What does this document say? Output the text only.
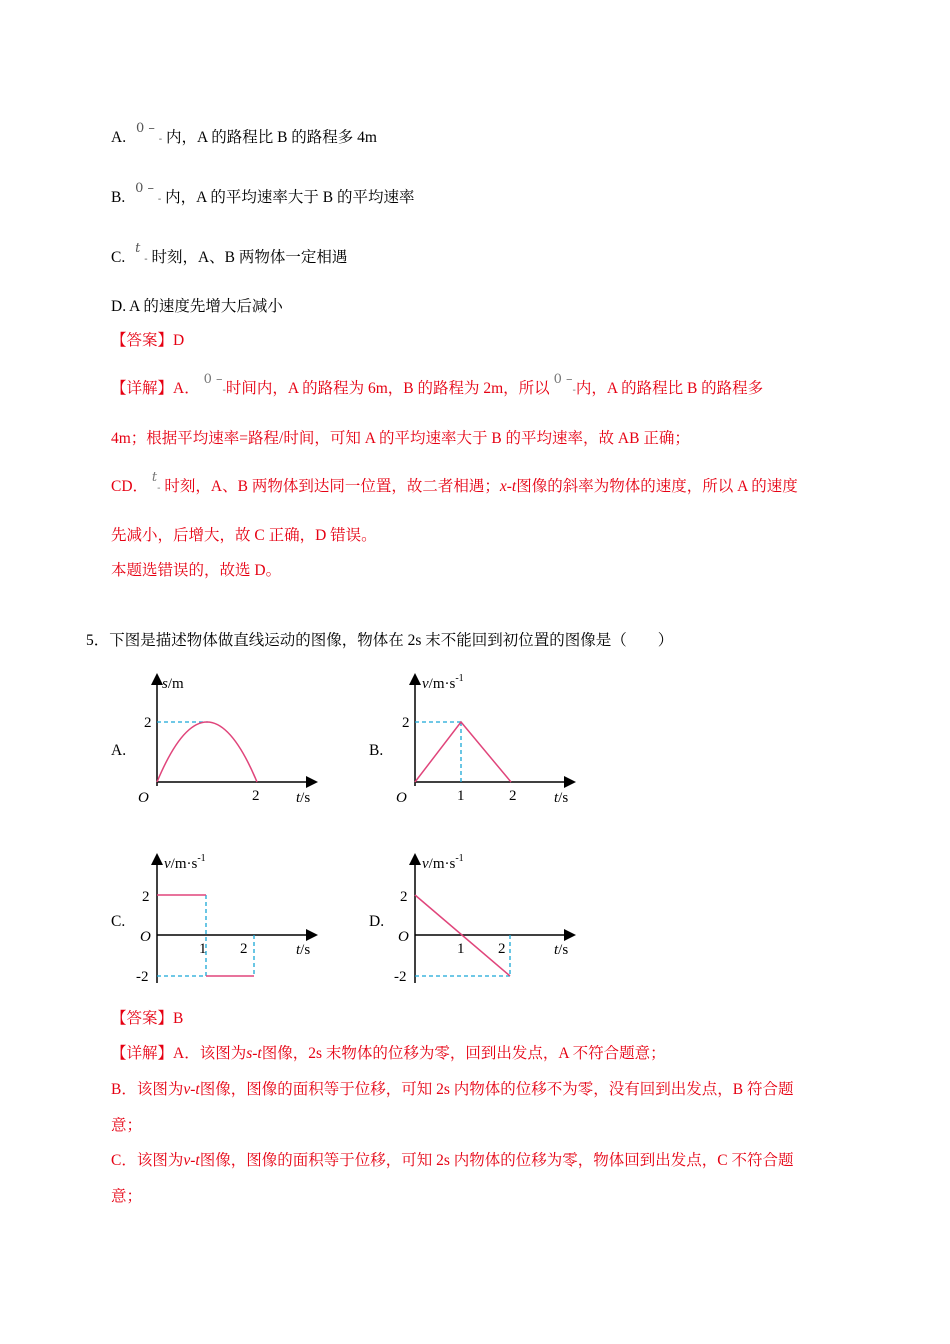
A. $^{0 -}$ - 内，A 的路程比 B 的路程多 4m
B. $^{0 -}$ - 内，A 的平均速率大于 B 的平均速率
C. $^t$ - 时刻，A、B 两物体一定相遇
D. A 的速度先增大后减小
【答案】D
【详解】A． $^{0 -}$-时间内，A 的路程为 6m，B 的路程为 2m，所以 $^{0 -}$-内，A 的路程比 B 的路程多
4m；根据平均速率=路程/时间，可知 A 的平均速率大于 B 的平均速率，故 AB 正确；
CD． $^t$- 时刻，A、B 两物体到达同一位置，故二者相遇；x-t图像的斜率为物体的速度，所以 A 的速度
先减小，后增大，故 C 正确，D 错误。
本题选错误的，故选 D。
5．下图是描述物体做直线运动的图像，物体在 2s 末不能回到初位置的图像是（　　）
A.
s/m
2
O	2 t/s
B.
$v/m\cdot s^{-1}$
2
O	1	2	t/s
C.
$v/m\cdot s^{-1}$
2
-2
O
1 2	t/s
D.
$v/m\cdot s^{-1}$
2
-2
O
1 2	t/s
【答案】B
【详解】A．该图为s-t图像，2s 末物体的位移为零，回到出发点，A 不符合题意；
B．该图为v-t图像，图像的面积等于位移，可知 2s 内物体的位移不为零，没有回到出发点，B 符合题
意；
C．该图为v-t图像，图像的面积等于位移，可知 2s 内物体的位移为零，物体回到出发点，C 不符合题
意；
